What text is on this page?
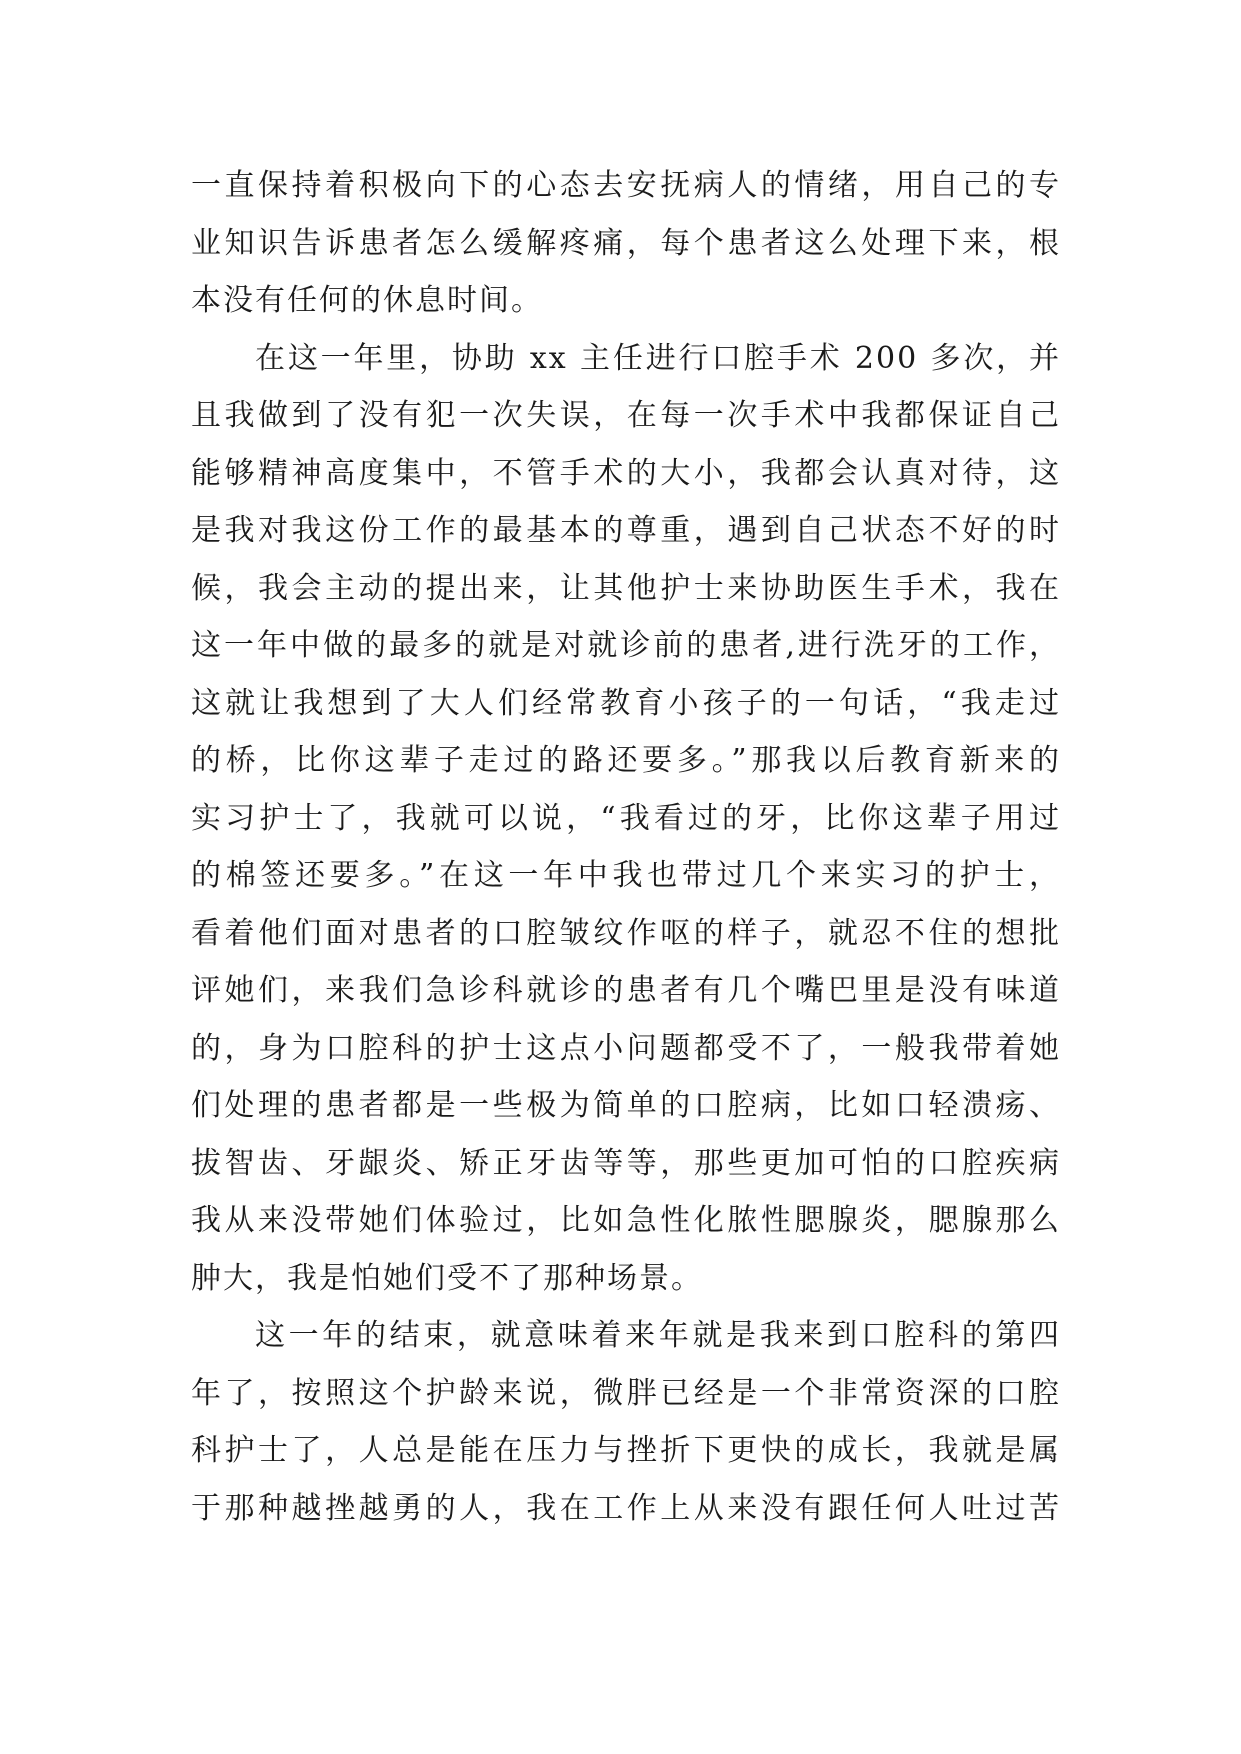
一直保持着积极向下的心态去安抚病人的情绪，用自己的专
业知识告诉患者怎么缓解疼痛，每个患者这么处理下来，根
本没有任何的休息时间。
在这一年里，协助 xx 主任进行口腔手术 200 多次，并
且我做到了没有犯一次失误，在每一次手术中我都保证自己
能够精神高度集中，不管手术的大小，我都会认真对待，这
是我对我这份工作的最基本的尊重，遇到自己状态不好的时
候，我会主动的提出来，让其他护士来协助医生手术，我在
这一年中做的最多的就是对就诊前的患者,进行洗牙的工作，
这就让我想到了大人们经常教育小孩子的一句话，“我走过
的桥，比你这辈子走过的路还要多。”那我以后教育新来的
实习护士了，我就可以说，“我看过的牙，比你这辈子用过
的棉签还要多。”在这一年中我也带过几个来实习的护士，
看着他们面对患者的口腔皱纹作呕的样子，就忍不住的想批
评她们，来我们急诊科就诊的患者有几个嘴巴里是没有味道
的，身为口腔科的护士这点小问题都受不了，一般我带着她
们处理的患者都是一些极为简单的口腔病，比如口轻溃疡、
拔智齿、牙龈炎、矫正牙齿等等，那些更加可怕的口腔疾病
我从来没带她们体验过，比如急性化脓性腮腺炎，腮腺那么
肿大，我是怕她们受不了那种场景。
这一年的结束，就意味着来年就是我来到口腔科的第四
年了，按照这个护龄来说，微胖已经是一个非常资深的口腔
科护士了，人总是能在压力与挫折下更快的成长，我就是属
于那种越挫越勇的人，我在工作上从来没有跟任何人吐过苦
